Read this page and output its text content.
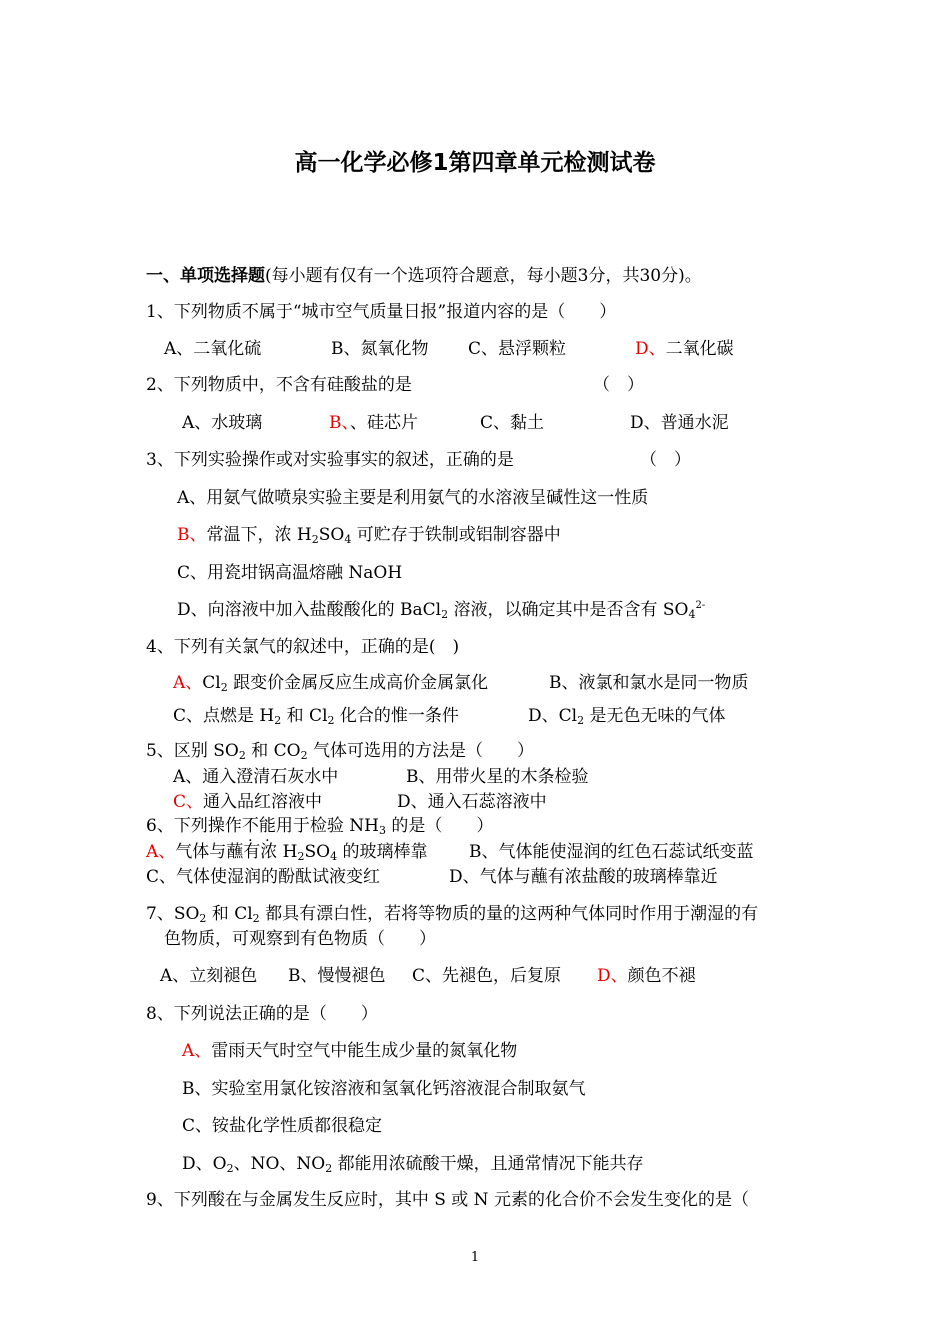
高一化学必修1第四章单元检测试卷
一、单项选择题(每小题有仅有一个选项符合题意，每小题3分，共30分)。
1、下列物质不属于“城市空气质量日报”报道内容的是（　　）
A、二氧化硫	B、氮氧化物 C、悬浮颗粒	D、二氧化碳
2、下列物质中，不含有硅酸盐的是	（　）
A、水玻璃	B、、硅芯片	C、黏土	D、普通水泥
3、下列实验操作或对实验事实的叙述，正确的是	（　）
A、用氨气做喷泉实验主要是利用氨气的水溶液呈碱性这一性质
B、常温下，浓 $H_2SO_4$ 可贮存于铁制或铝制容器中
C、用瓷坩锅高温熔融 NaOH
D、向溶液中加入盐酸酸化的 BaCl$_2$ 溶液，以确定其中是否含有 $SO_4^{2-}$
4、下列有关氯气的叙述中，正确的是(　)
A、$Cl_2$ 跟变价金属反应生成高价金属氯化	B、液氯和氯水是同一物质
C、点燃是 $H_2$ 和 $Cl_2$ 化合的惟一条件	D、$Cl_2$ 是无色无味的气体
5、区别 $SO_2$ 和 $CO_2$ 气体可选用的方法是（　　）
A、通入澄清石灰水中	B、用带火星的木条检验
C、通入品红溶液中	D、通入石蕊溶液中
6、下列操作不能用于检验 $NH_3$ 的是（　　）
A、气体与蘸有浓 $H_2SO_4$ 的玻璃棒靠 B、气体能使湿润的红色石蕊试纸变蓝
C、气体使湿润的酚酞试液变红	D、气体与蘸有浓盐酸的玻璃棒靠近
7、$SO_2$ 和 $Cl_2$ 都具有漂白性，若将等物质的量的这两种气体同时作用于潮湿的有
色物质，可观察到有色物质（　　）
A、立刻褪色 B、慢慢褪色 C、先褪色，后复原 D、颜色不褪
8、下列说法正确的是（　　）
A、雷雨天气时空气中能生成少量的氮氧化物
B、实验室用氯化铵溶液和氢氧化钙溶液混合制取氨气
C、铵盐化学性质都很稳定
D、$O_2$、NO、$NO_2$ 都能用浓硫酸干燥，且通常情况下能共存
9、下列酸在与金属发生反应时，其中 S 或 N 元素的化合价不会发生变化的是（
1
